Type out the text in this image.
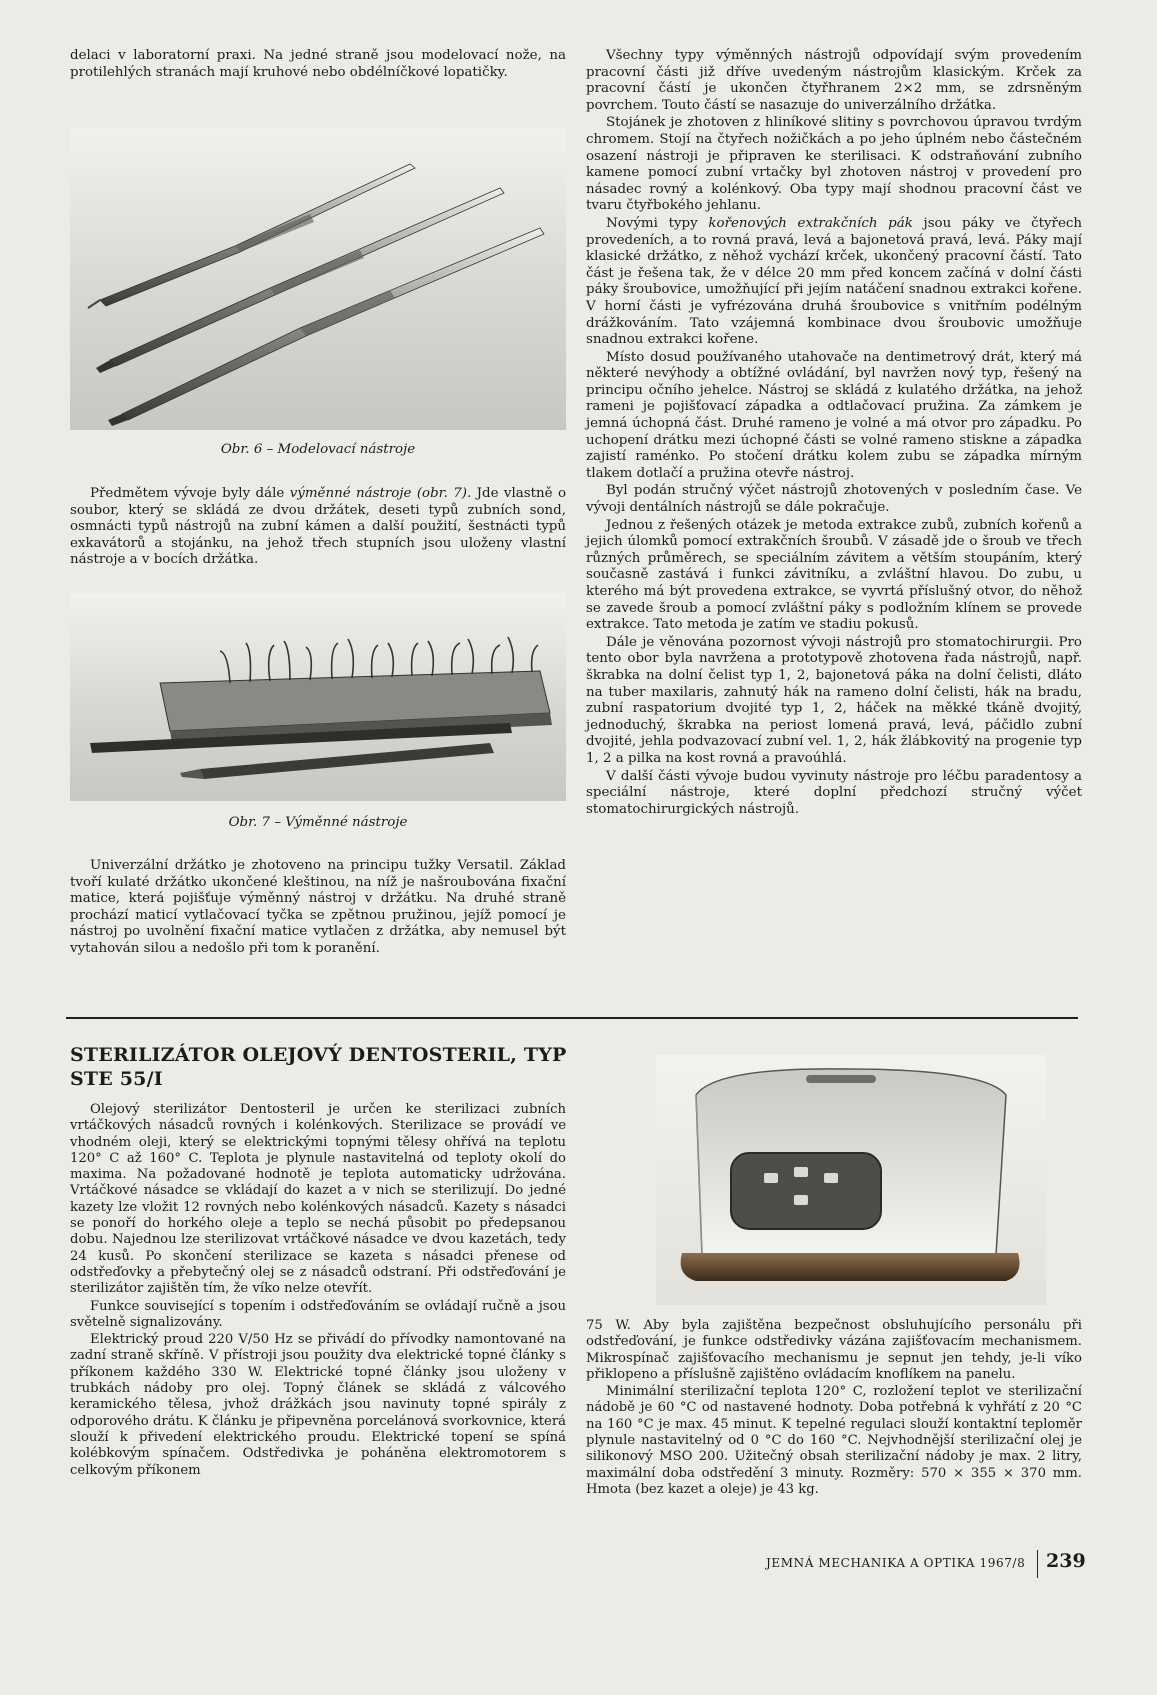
delaci v laboratorní praxi. Na jedné straně jsou modelovací nože, na protilehlých stranách mají kruhové nebo obdélníčkové lopatičky.

Obr. 6 – Modelovací nástroje

Předmětem vývoje byly dále výměnné nástroje (obr. 7). Jde vlastně o soubor, který se skládá ze dvou držátek, deseti typů zubních sond, osmnácti typů nástrojů na zubní kámen a další použití, šestnácti typů exkavátorů a stojánku, na jehož třech stupních jsou uloženy vlastní nástroje a v bocích držátka.

Obr. 7 – Výměnné nástroje

Univerzální držátko je zhotoveno na principu tužky Versatil. Základ tvoří kulaté držátko ukončené kleštinou, na níž je našroubována fixační matice, která pojišťuje výměnný nástroj v držátku. Na druhé straně prochází maticí vytlačovací tyčka se zpětnou pružinou, jejíž pomocí je nástroj po uvolnění fixační matice vytlačen z držátka, aby nemusel být vytahován silou a nedošlo při tom k poranění.

Všechny typy výměnných nástrojů odpovídají svým provedením pracovní části již dříve uvedeným nástrojům klasickým. Krček za pracovní částí je ukončen čtyřhranem 2×2 mm, se zdrsněným povrchem. Touto částí se nasazuje do univerzálního držátka.

Stojánek je zhotoven z hliníkové slitiny s povrchovou úpravou tvrdým chromem. Stojí na čtyřech nožičkách a po jeho úplném nebo částečném osazení nástroji je připraven ke sterilisaci. K odstraňování zubního kamene pomocí zubní vrtačky byl zhotoven nástroj v provedení pro násadec rovný a kolénkový. Oba typy mají shodnou pracovní část ve tvaru čtyřbokého jehlanu.

Novými typy kořenových extrakčních pák jsou páky ve čtyřech provedeních, a to rovná pravá, levá a bajonetová pravá, levá. Páky mají klasické držátko, z něhož vychází krček, ukončený pracovní částí. Tato část je řešena tak, že v délce 20 mm před koncem začíná v dolní části páky šroubovice, umožňující při jejím natáčení snadnou extrakci kořene. V horní části je vyfrézována druhá šroubovice s vnitřním podélným drážkováním. Tato vzájemná kombinace dvou šroubovic umožňuje snadnou extrakci kořene.

Místo dosud používaného utahovače na dentimetrový drát, který má některé nevýhody a obtížné ovládání, byl navržen nový typ, řešený na principu očního jehelce. Nástroj se skládá z kulatého držátka, na jehož rameni je pojišťovací západka a odtlačovací pružina. Za zámkem je jemná úchopná část. Druhé rameno je volné a má otvor pro západku. Po uchopení drátku mezi úchopné části se volné rameno stiskne a západka zajistí raménko. Po stočení drátku kolem zubu se západka mírným tlakem dotlačí a pružina otevře nástroj.

Byl podán stručný výčet nástrojů zhotovených v posledním čase. Ve vývoji dentálních nástrojů se dále pokračuje.

Jednou z řešených otázek je metoda extrakce zubů, zubních kořenů a jejich úlomků pomocí extrakčních šroubů. V zásadě jde o šroub ve třech různých průměrech, se speciálním závitem a větším stoupáním, který současně zastává i funkci závitníku, a zvláštní hlavou. Do zubu, u kterého má být provedena extrakce, se vyvrtá příslušný otvor, do něhož se zavede šroub a pomocí zvláštní páky s podložním klínem se provede extrakce. Tato metoda je zatím ve stadiu pokusů.

Dále je věnována pozornost vývoji nástrojů pro stomatochirurgii. Pro tento obor byla navržena a prototypově zhotovena řada nástrojů, např. škrabka na dolní čelist typ 1, 2, bajonetová páka na dolní čelisti, dláto na tuber maxilaris, zahnutý hák na rameno dolní čelisti, hák na bradu, zubní raspatorium dvojité typ 1, 2, háček na měkké tkáně dvojitý, jednoduchý, škrabka na periost lomená pravá, levá, páčidlo zubní dvojité, jehla podvazovací zubní vel. 1, 2, hák žlábkovitý na progenie typ 1, 2 a pilka na kost rovná a pravoúhlá.

V další části vývoje budou vyvinuty nástroje pro léčbu paradentosy a speciální nástroje, které doplní předchozí stručný výčet stomatochirurgických nástrojů.

STERILIZÁTOR OLEJOVÝ DENTOSTERIL, TYP
STE 55/I

Olejový sterilizátor Dentosteril je určen ke sterilizaci zubních vrtáčkových násadců rovných i kolénkových. Sterilizace se provádí ve vhodném oleji, který se elektrickými topnými tělesy ohřívá na teplotu 120° C až 160° C. Teplota je plynule nastavitelná od teploty okolí do maxima. Na požadované hodnotě je teplota automaticky udržována. Vrtáčkové násadce se vkládají do kazet a v nich se sterilizují. Do jedné kazety lze vložit 12 rovných nebo kolénkových násadců. Kazety s násadci se ponoří do horkého oleje a teplo se nechá působit po předepsanou dobu. Najednou lze sterilizovat vrtáčkové násadce ve dvou kazetách, tedy 24 kusů. Po skončení sterilizace se kazeta s násadci přenese od odstřeďovky a přebytečný olej se z násadců odstraní. Při odstřeďování je sterilizátor zajištěn tím, že víko nelze otevřít.

Funkce související s topením i odstřeďováním se ovládají ručně a jsou světelně signalizovány.

Elektrický proud 220 V/50 Hz se přivádí do přívodky namontované na zadní straně skříně. V přístroji jsou použity dva elektrické topné články s příkonem každého 330 W. Elektrické topné články jsou uloženy v trubkách nádoby pro olej. Topný článek se skládá z válcového keramického tělesa, jvhož drážkách jsou navinuty topné spirály z odporového drátu. K článku je připevněna porcelánová svorkovnice, která slouží k přivedení elektrického proudu. Elektrické topení se spíná kolébkovým spínačem. Odstředivka je poháněna elektromotorem s celkovým příkonem

75 W. Aby byla zajištěna bezpečnost obsluhujícího personálu při odstřeďování, je funkce odstředivky vázána zajišťovacím mechanismem. Mikrospínač zajišťovacího mechanismu je sepnut jen tehdy, je-li víko přiklopeno a příslušně zajištěno ovládacím knoflíkem na panelu.

Minimální sterilizační teplota 120° C, rozložení teplot ve sterilizační nádobě je 60 °C od nastavené hodnoty. Doba potřebná k vyhřátí z 20 °C na 160 °C je max. 45 minut. K tepelné regulaci slouží kontaktní teploměr plynule nastavitelný od 0 °C do 160 °C. Nejvhodnější sterilizační olej je silikonový MSO 200. Užitečný obsah sterilizační nádoby je max. 2 litry, maximální doba odstředění 3 minuty. Rozměry: 570 × 355 × 370 mm. Hmota (bez kazet a oleje) je 43 kg.

JEMNÁ MECHANIKA A OPTIKA 1967/8 239
